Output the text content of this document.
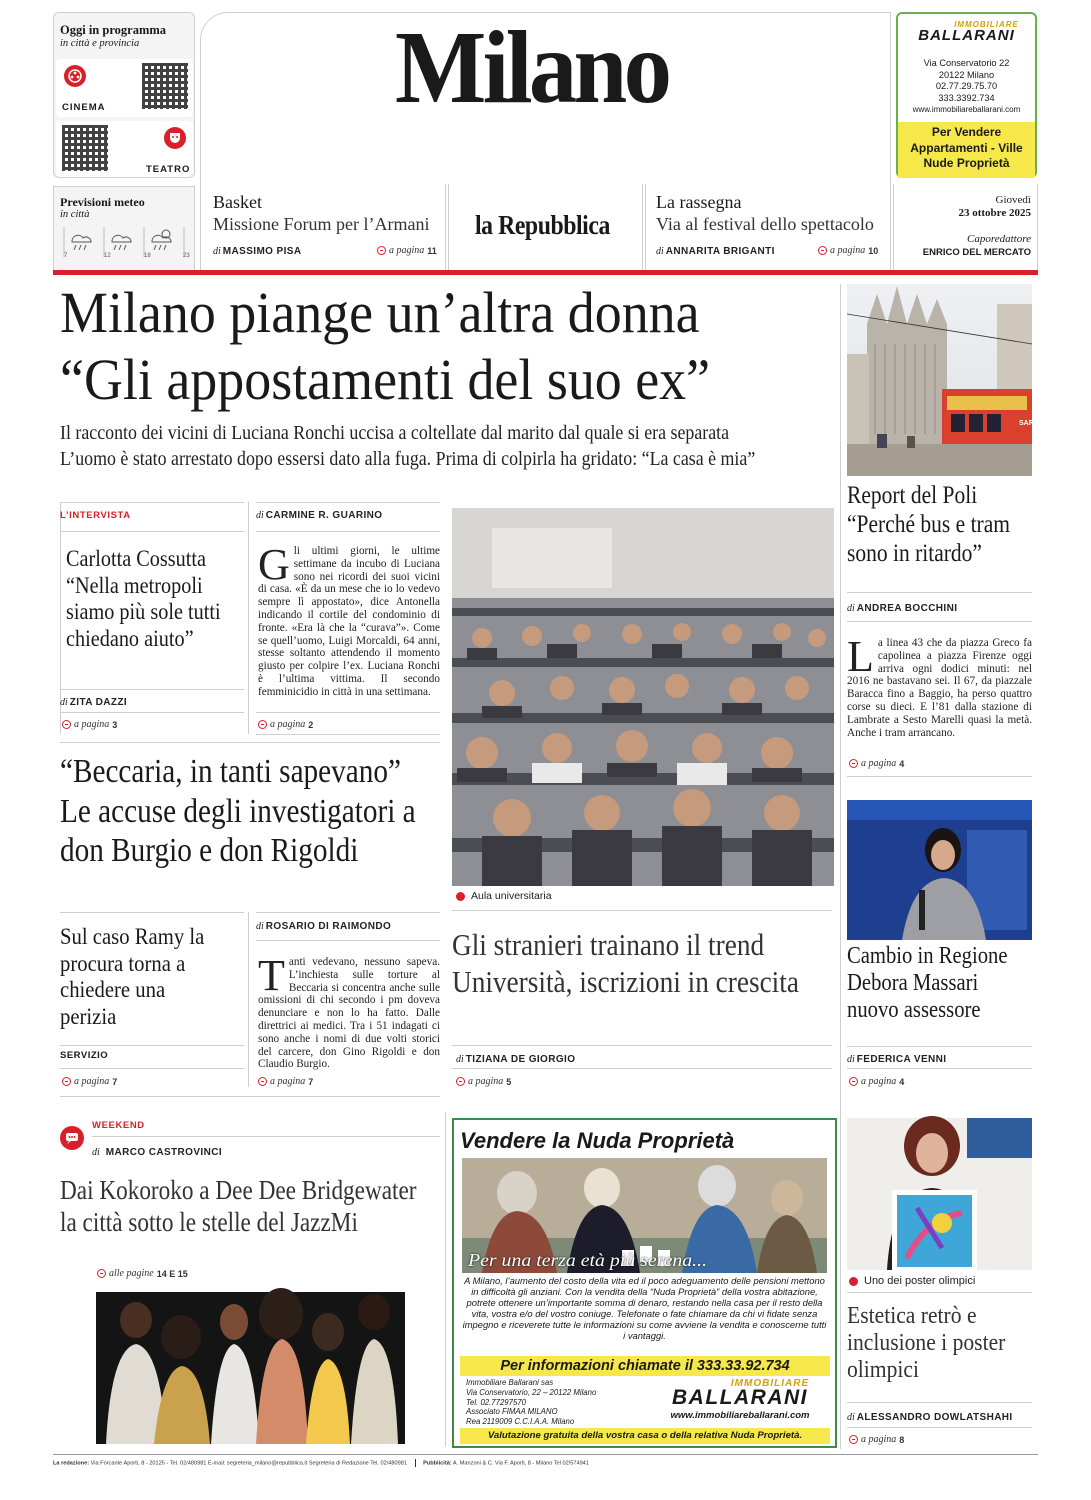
Oggi in programma
in città e provincia
CINEMA
TEATRO
Milano	IMMOBILIARE
BALLARANI
Via Conservatorio 22
20122 Milano
02.77.29.75.70
333.3392.734
www.immobiliareballarani.com
Per Vendere Appartamenti - Ville Nude Proprietà
Previsioni meteo
in città
7	12	18	23
Basket
Missione Forum per l’Armani
di MASSIMO PISA	a pagina 11
la Repubblica
La rassegna
Via al festival dello spettacolo
di ANNARITA BRIGANTI	a pagina 10
Giovedì
23 ottobre 2025
Caporedattore
ENRICO DEL MERCATO
Milano piange un’altra donna
“Gli appostamenti del suo ex”
Il racconto dei vicini di Luciana Ronchi uccisa a coltellate dal marito dal quale si era separata
L’uomo è stato arrestato dopo essersi dato alla fuga. Prima di colpirla ha gridato: “La casa è mia”
SARI
L’INTERVISTA
Carlotta Cossutta “Nella metropoli siamo più sole tutti chiedano aiuto”
di ZITA DAZZI
a pagina 3
di CARMINE R. GUARINO
Gli ultimi giorni, le ultime settimane da incubo di Luciana sono nei ricordi dei suoi vicini di casa. «È da un mese che io lo vedevo sempre lì appostato», dice Antonella indicando il cortile del condominio di fronte. «Era là che la “curava”». Come se quell’uomo, Luigi Morcaldi, 64 anni, stesse soltanto attendendo il momento giusto per colpire l’ex. Luciana Ronchi è l’ultima vittima. Il secondo femminicidio in città in una settimana.
a pagina 2
“Beccaria, in tanti sapevano” Le accuse degli investigatori a don Burgio e don Rigoldi
Sul caso Ramy la procura torna a chiedere una perizia
SERVIZIO
a pagina 7
di ROSARIO DI RAIMONDO
Tanti vedevano, nessuno sapeva. L’inchiesta sulle torture al Beccaria si concentra anche sulle omissioni di chi secondo i pm doveva denunciare e non lo ha fatto. Dalle direttrici ai medici. Tra i 51 indagati ci sono anche i nomi di due volti storici del carcere, don Gino Rigoldi e don Claudio Burgio.
a pagina 7
Aula universitaria
Gli stranieri trainano il trend Università, iscrizioni in crescita
di TIZIANA DE GIORGIO
a pagina 5
Report del Poli “Perché bus e tram sono in ritardo”
di ANDREA BOCCHINI
La linea 43 che da piazza Greco fa capolinea a piazza Firenze oggi arriva ogni dodici minuti: nel 2016 ne bastavano sei. Il 67, da piazzale Baracca fino a Baggio, ha perso quattro corse su dieci. E l’81 dalla stazione di Lambrate a Sesto Marelli quasi la metà. Anche i tram arrancano.
a pagina 4
Cambio in Regione Debora Massari nuovo assessore
di FEDERICA VENNI
a pagina 4
Uno dei poster olimpici
Estetica retrò e inclusione i poster olimpici
di ALESSANDRO DOWLATSHAHI
a pagina 8
WEEKEND
di MARCO CASTROVINCI
Dai Kokoroko a Dee Dee Bridgewater la città sotto le stelle del JazzMi
alle pagine 14 E 15
Vendere la Nuda Proprietà
Per una terza età più serena...
A Milano, l’aumento del costo della vita ed il poco adeguamento delle pensioni mettono in difficoltà gli anziani. Con la vendita della “Nuda Proprietà” della vostra abitazione, potrete ottenere un’importante somma di denaro, restando nella casa per il resto della vita, vostra e/o del vostro coniuge. Telefonate o fate chiamare da chi vi fidate senza impegno e riceverete tutte le informazioni su come avviene la vendita e conoscerne tutti i vantaggi.
Per informazioni chiamate il 333.33.92.734
Immobiliare Ballarani sas
Via Conservatorio, 22 – 20122 Milano
Tel. 02.77297570
Associato FIMAA MILANO
Rea 2119009 C.C.I.A.A. Milano
IMMOBILIARE
BALLARANI
www.immobiliareballarani.com
Valutazione gratuita della vostra casa o della relativa Nuda Proprietà.
La redazione: Via Forcante Aporti, 8 - 20125 - Tel. 02/480981 E-mail: segreteria_milano@repubblica.it Segreteria di Redazione Tel. 02/480981	Pubblicità: A. Manzoni & C. Via F. Aporti, 8 - Milano Tel 02/574941
